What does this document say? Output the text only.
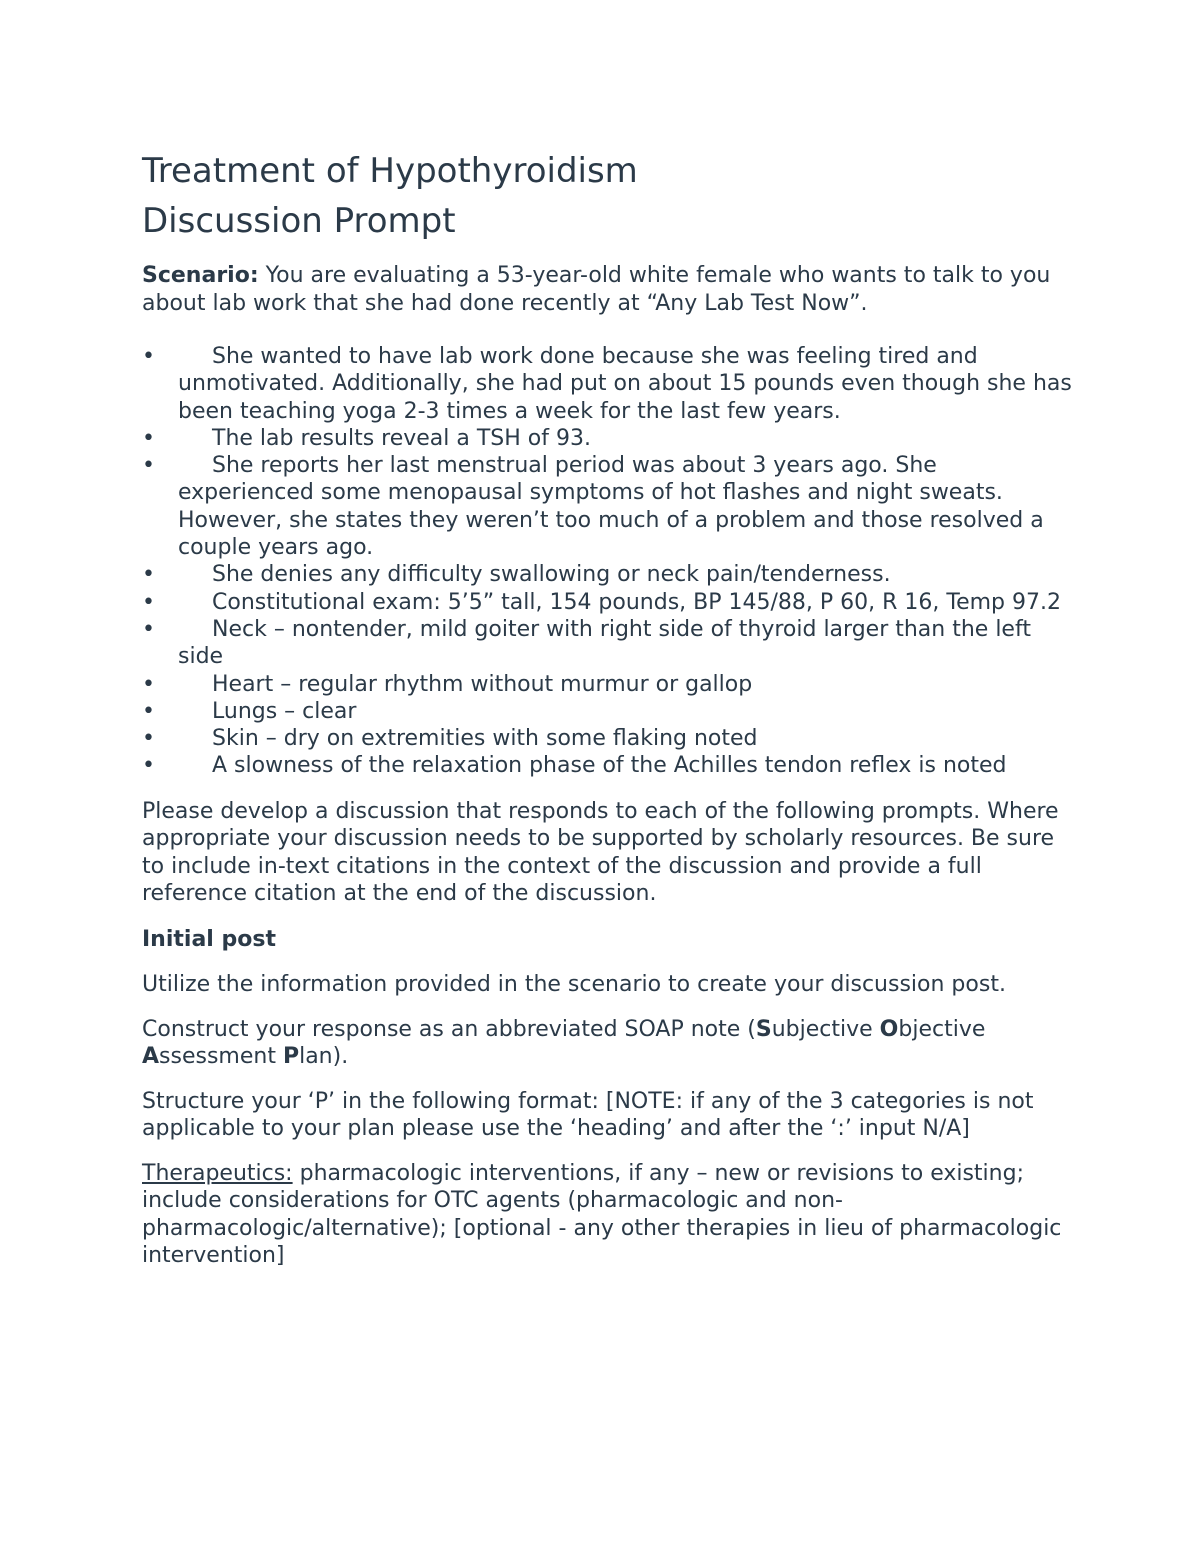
Treatment of Hypothyroidism
Discussion Prompt

Scenario: You are evaluating a 53-year-old white female who wants to talk to you about lab work that she had done recently at “Any Lab Test Now”.

•	She wanted to have lab work done because she was feeling tired and unmotivated. Additionally, she had put on about 15 pounds even though she has been teaching yoga 2-3 times a week for the last few years.
•	The lab results reveal a TSH of 93.
•	She reports her last menstrual period was about 3 years ago. She experienced some menopausal symptoms of hot flashes and night sweats. However, she states they weren’t too much of a problem and those resolved a couple years ago.
•	She denies any difficulty swallowing or neck pain/tenderness.
•	Constitutional exam: 5’5” tall, 154 pounds, BP 145/88, P 60, R 16, Temp 97.2
•	Neck – nontender, mild goiter with right side of thyroid larger than the left side
•	Heart – regular rhythm without murmur or gallop
•	Lungs – clear
•	Skin – dry on extremities with some flaking noted
•	A slowness of the relaxation phase of the Achilles tendon reflex is noted

Please develop a discussion that responds to each of the following prompts. Where appropriate your discussion needs to be supported by scholarly resources. Be sure to include in-text citations in the context of the discussion and provide a full reference citation at the end of the discussion.

Initial post

Utilize the information provided in the scenario to create your discussion post.

Construct your response as an abbreviated SOAP note (Subjective Objective Assessment Plan).

Structure your ‘P’ in the following format: [NOTE: if any of the 3 categories is not applicable to your plan please use the ‘heading’ and after the ‘:’ input N/A]

Therapeutics: pharmacologic interventions, if any – new or revisions to existing; include considerations for OTC agents (pharmacologic and non-pharmacologic/alternative); [optional - any other therapies in lieu of pharmacologic intervention]
